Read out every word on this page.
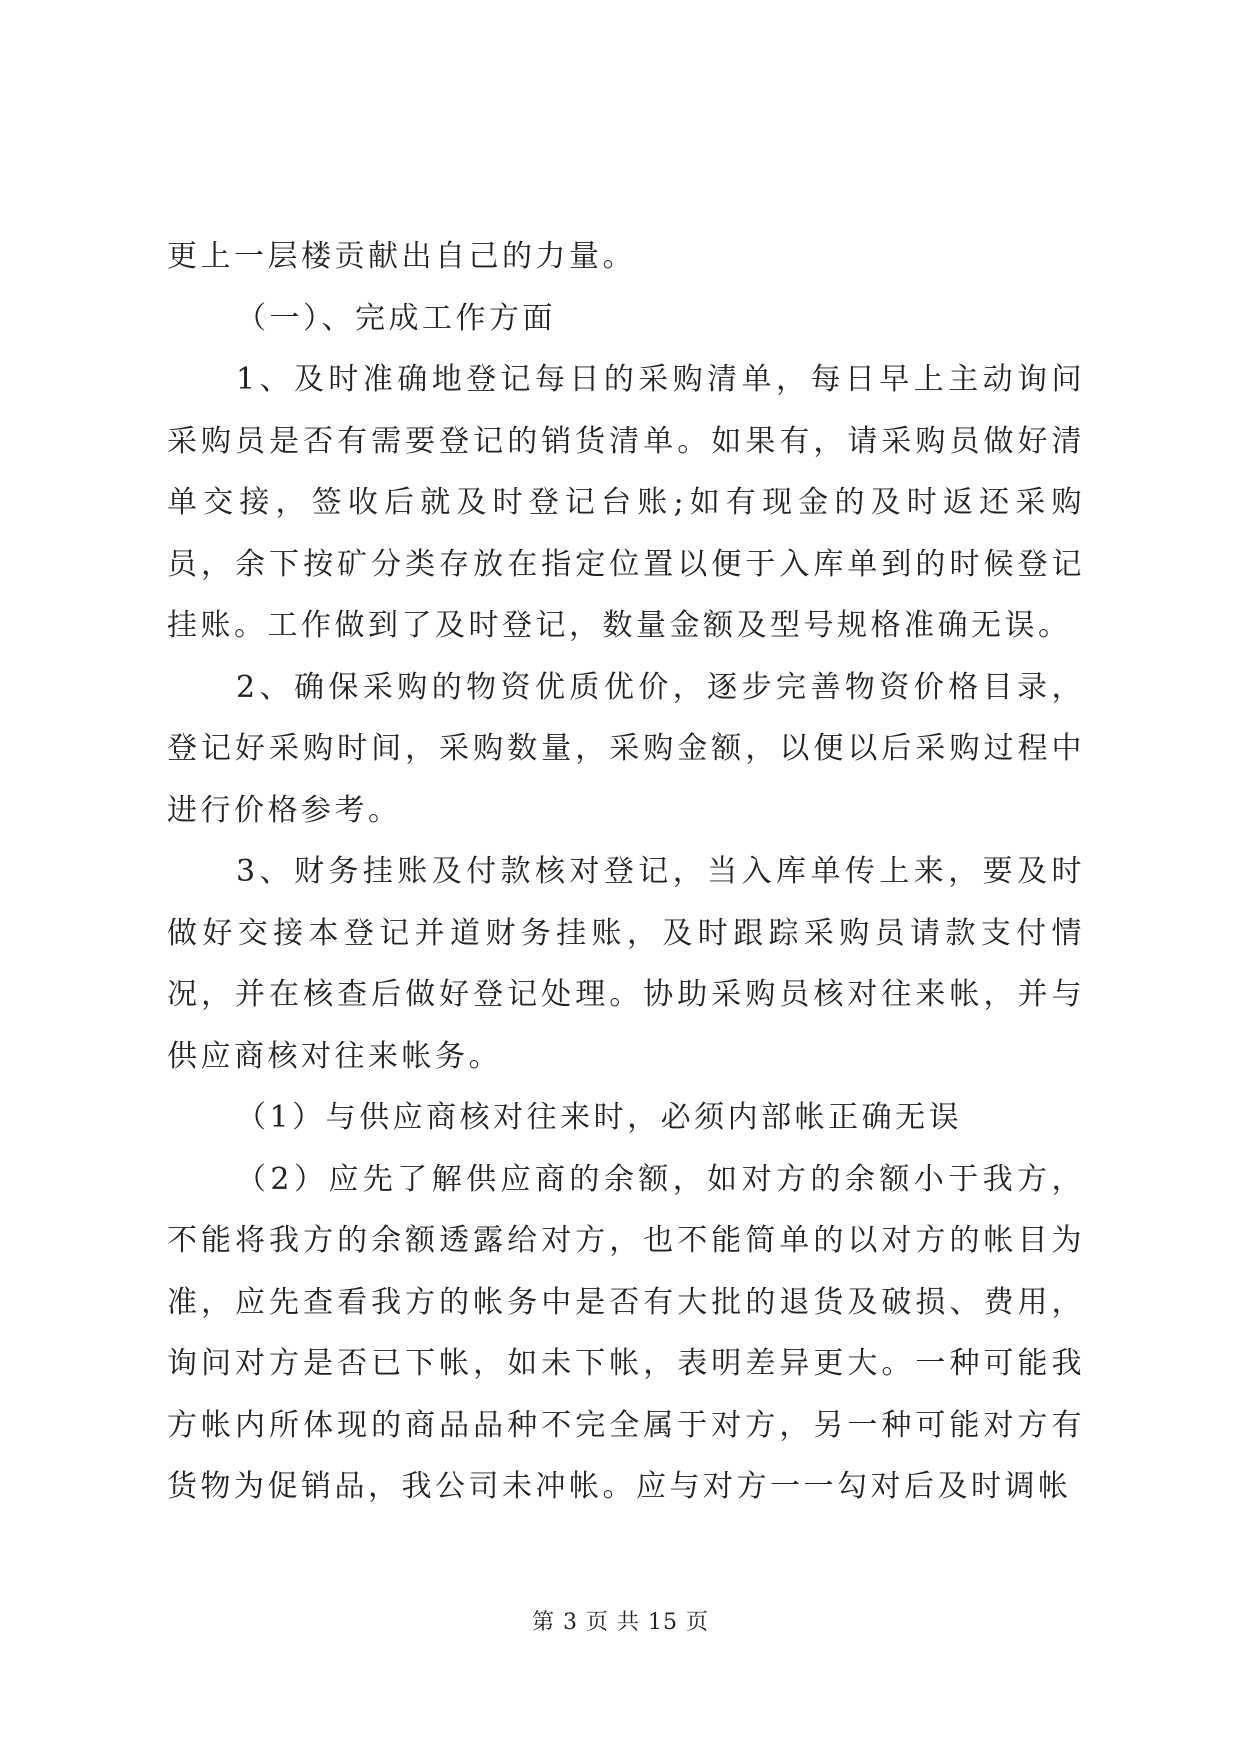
更上一层楼贡献出自己的力量。

（一）、完成工作方面

1、及时准确地登记每日的采购清单，每日早上主动询问采购员是否有需要登记的销货清单。如果有，请采购员做好清单交接，签收后就及时登记台账;如有现金的及时返还采购员，余下按矿分类存放在指定位置以便于入库单到的时候登记挂账。工作做到了及时登记，数量金额及型号规格准确无误。

2、确保采购的物资优质优价，逐步完善物资价格目录，登记好采购时间，采购数量，采购金额，以便以后采购过程中进行价格参考。

3、财务挂账及付款核对登记，当入库单传上来，要及时做好交接本登记并道财务挂账，及时跟踪采购员请款支付情况，并在核查后做好登记处理。协助采购员核对往来帐，并与供应商核对往来帐务。

（1）与供应商核对往来时，必须内部帐正确无误

（2）应先了解供应商的余额，如对方的余额小于我方，不能将我方的余额透露给对方，也不能简单的以对方的帐目为准，应先查看我方的帐务中是否有大批的退货及破损、费用，询问对方是否已下帐，如未下帐，表明差异更大。一种可能我方帐内所体现的商品品种不完全属于对方，另一种可能对方有货物为促销品，我公司未冲帐。应与对方一一勾对后及时调帐

第 3 页 共 15 页
